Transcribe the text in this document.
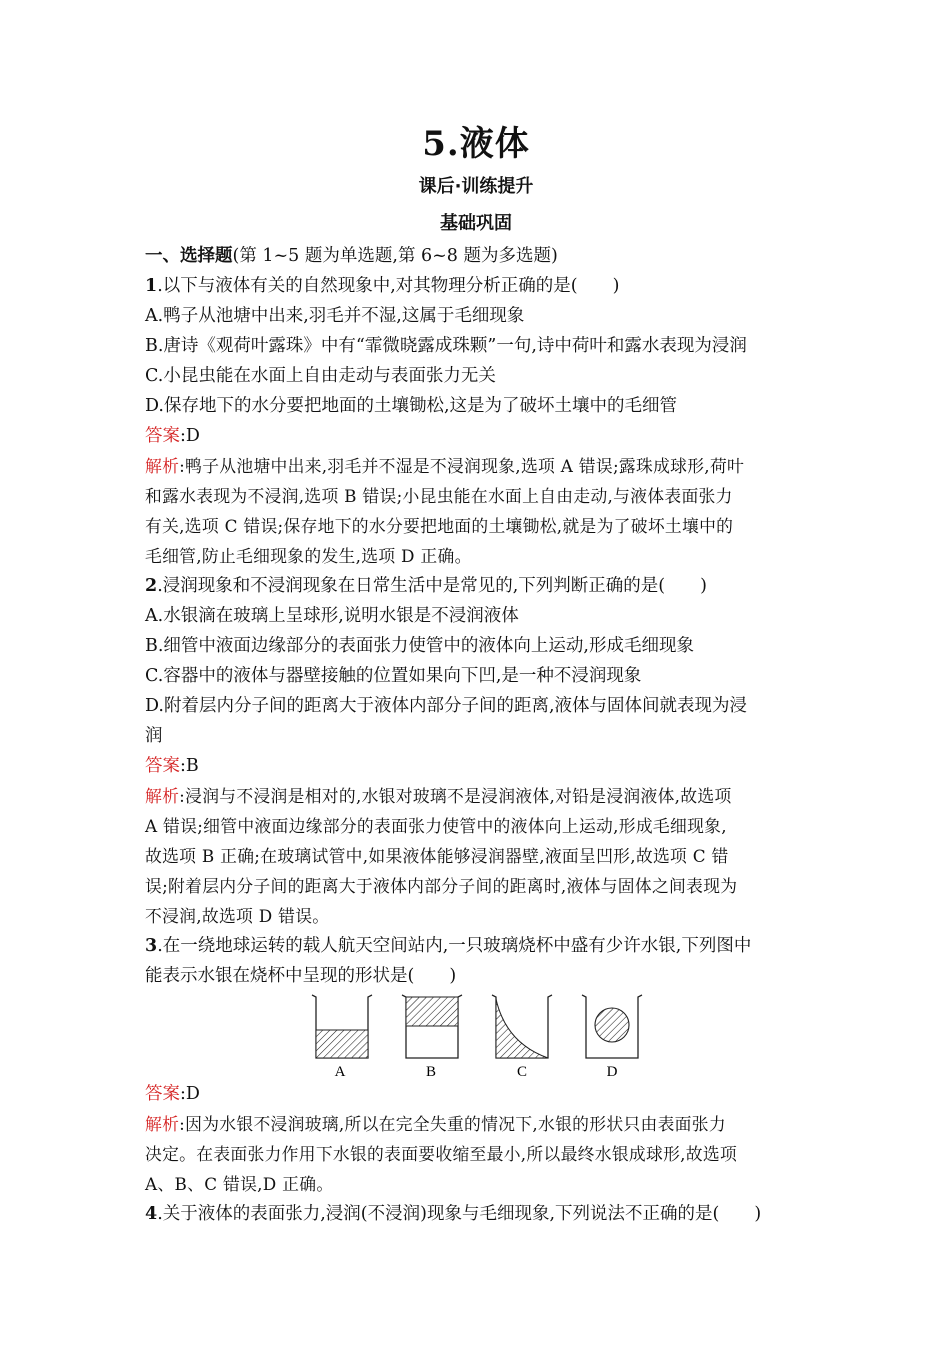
5.液体
课后·训练提升
基础巩固
一、选择题(第 1~5 题为单选题,第 6~8 题为多选题)
1.以下与液体有关的自然现象中,对其物理分析正确的是(　　)
A.鸭子从池塘中出来,羽毛并不湿,这属于毛细现象
B.唐诗《观荷叶露珠》中有“霏微晓露成珠颗”一句,诗中荷叶和露水表现为浸润
C.小昆虫能在水面上自由走动与表面张力无关
D.保存地下的水分要把地面的土壤锄松,这是为了破坏土壤中的毛细管
答案:D
解析:鸭子从池塘中出来,羽毛并不湿是不浸润现象,选项 A 错误;露珠成球形,荷叶
和露水表现为不浸润,选项 B 错误;小昆虫能在水面上自由走动,与液体表面张力
有关,选项 C 错误;保存地下的水分要把地面的土壤锄松,就是为了破坏土壤中的
毛细管,防止毛细现象的发生,选项 D 正确。
2.浸润现象和不浸润现象在日常生活中是常见的,下列判断正确的是(　　)
A.水银滴在玻璃上呈球形,说明水银是不浸润液体
B.细管中液面边缘部分的表面张力使管中的液体向上运动,形成毛细现象
C.容器中的液体与器壁接触的位置如果向下凹,是一种不浸润现象
D.附着层内分子间的距离大于液体内部分子间的距离,液体与固体间就表现为浸
润
答案:B
解析:浸润与不浸润是相对的,水银对玻璃不是浸润液体,对铅是浸润液体,故选项
A 错误;细管中液面边缘部分的表面张力使管中的液体向上运动,形成毛细现象,
故选项 B 正确;在玻璃试管中,如果液体能够浸润器壁,液面呈凹形,故选项 C 错
误;附着层内分子间的距离大于液体内部分子间的距离时,液体与固体之间表现为
不浸润,故选项 D 错误。
3.在一绕地球运转的载人航天空间站内,一只玻璃烧杯中盛有少许水银,下列图中
能表示水银在烧杯中呈现的形状是(　　)
A	B	C	D
答案:D
解析:因为水银不浸润玻璃,所以在完全失重的情况下,水银的形状只由表面张力
决定。在表面张力作用下水银的表面要收缩至最小,所以最终水银成球形,故选项
A、B、C 错误,D 正确。
4.关于液体的表面张力,浸润(不浸润)现象与毛细现象,下列说法不正确的是(　　)
